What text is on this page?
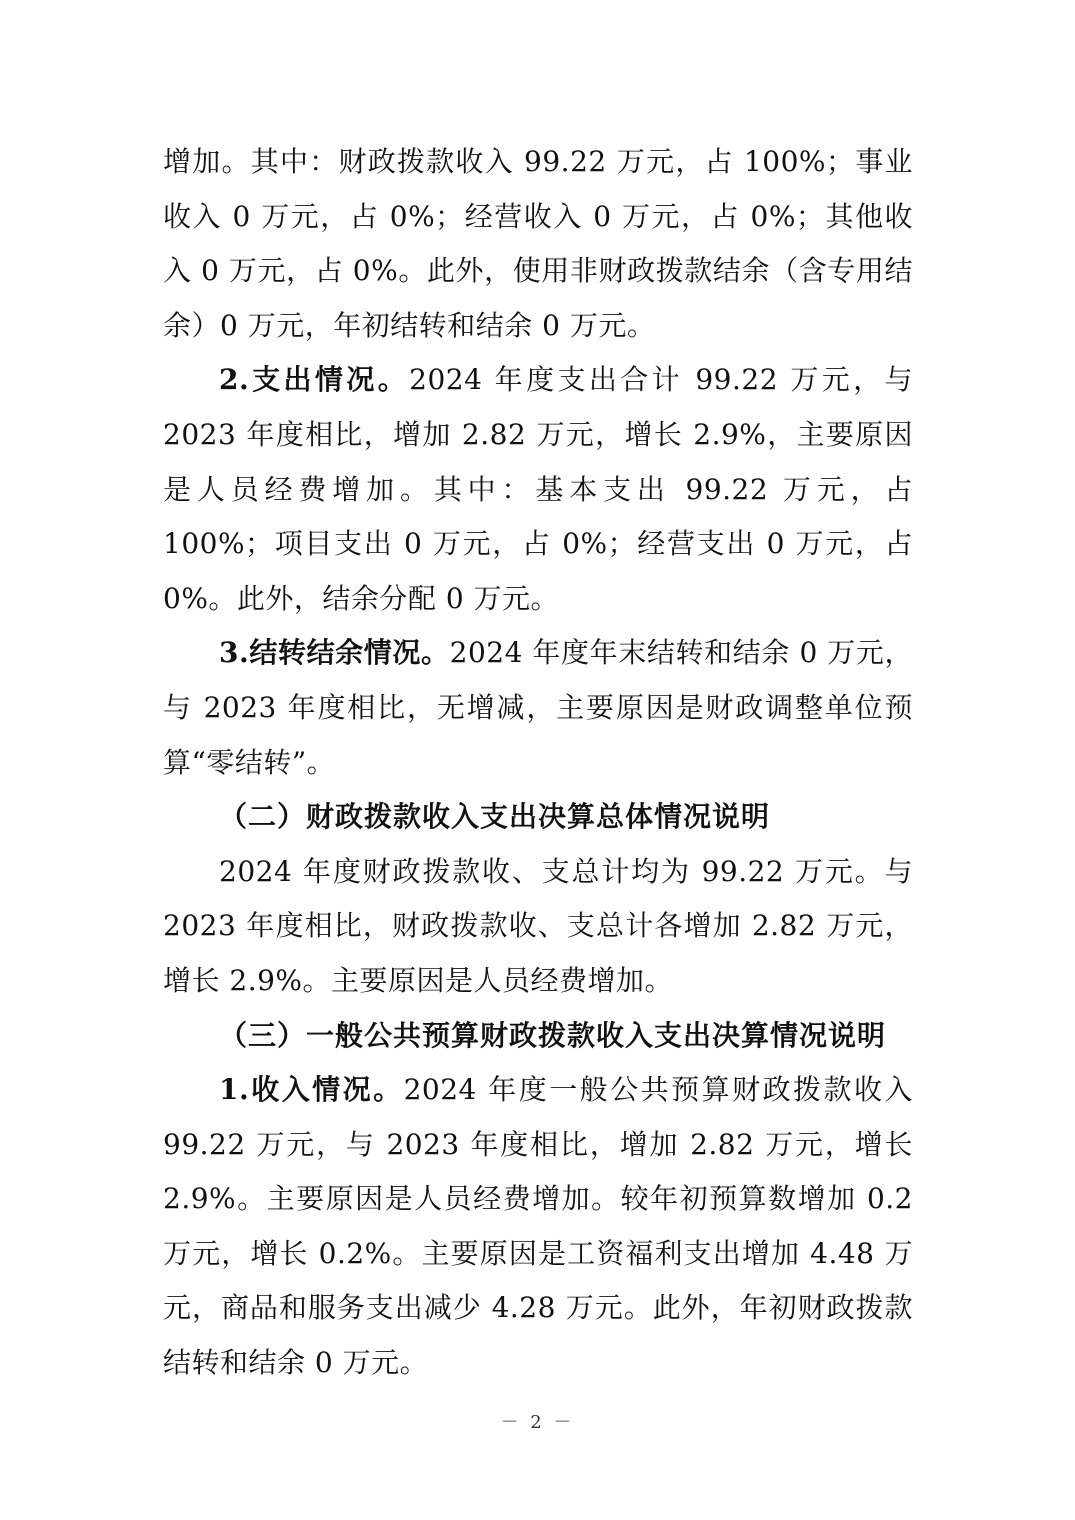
增加。其中：财政拨款收入 99.22 万元，占 100%；事业收入 0 万元，占 0%；经营收入 0 万元，占 0%；其他收入 0 万元，占 0%。此外，使用非财政拨款结余（含专用结余）0 万元，年初结转和结余 0 万元。

2.支出情况。2024 年度支出合计 99.22 万元，与 2023 年度相比，增加 2.82 万元，增长 2.9%，主要原因是人员经费增加。其中：基本支出 99.22 万元，占 100%；项目支出 0 万元，占 0%；经营支出 0 万元，占 0%。此外，结余分配 0 万元。

3.结转结余情况。2024 年度年末结转和结余 0 万元，与 2023 年度相比，无增减，主要原因是财政调整单位预算“零结转”。

（二）财政拨款收入支出决算总体情况说明

2024 年度财政拨款收、支总计均为 99.22 万元。与 2023 年度相比，财政拨款收、支总计各增加 2.82 万元，增长 2.9%。主要原因是人员经费增加。

（三）一般公共预算财政拨款收入支出决算情况说明

1.收入情况。2024 年度一般公共预算财政拨款收入 99.22 万元，与 2023 年度相比，增加 2.82 万元，增长 2.9%。主要原因是人员经费增加。较年初预算数增加 0.2 万元，增长 0.2%。主要原因是工资福利支出增加 4.48 万元，商品和服务支出减少 4.28 万元。此外，年初财政拨款结转和结余 0 万元。

－ 2 －
